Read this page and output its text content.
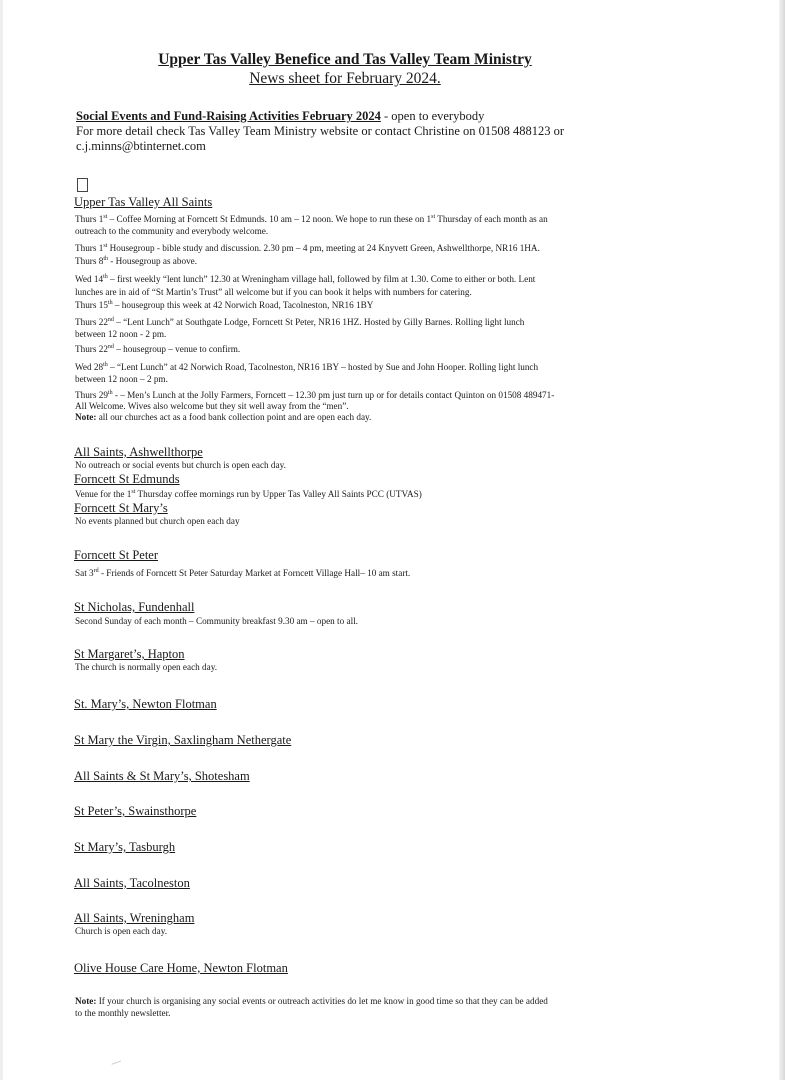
Upper Tas Valley Benefice and Tas Valley Team Ministry
News sheet for February 2024.
Social Events and Fund-Raising Activities February 2024 - open to everybody
For more detail check Tas Valley Team Ministry website or contact Christine on 01508 488123 or
c.j.minns@btinternet.com
Upper Tas Valley All Saints
Thurs 1st – Coffee Morning at Forncett St Edmunds. 10 am – 12 noon. We hope to run these on 1st Thursday of each month as an
outreach to the community and everybody welcome.
Thurs 1st Housegroup - bible study and discussion. 2.30 pm – 4 pm, meeting at 24 Knyvett Green, Ashwellthorpe, NR16 1HA.
Thurs 8th - Housegroup as above.
Wed 14th – first weekly “lent lunch” 12.30 at Wreningham village hall, followed by film at 1.30. Come to either or both. Lent
lunches are in aid of “St Martin’s Trust” all welcome but if you can book it helps with numbers for catering.
Thurs 15th – housegroup this week at 42 Norwich Road, Tacolneston, NR16 1BY
Thurs 22nd – “Lent Lunch” at Southgate Lodge, Forncett St Peter, NR16 1HZ. Hosted by Gilly Barnes. Rolling light lunch
between 12 noon - 2 pm.
Thurs 22nd – housegroup – venue to confirm.
Wed 28th – “Lent Lunch” at 42 Norwich Road, Tacolneston, NR16 1BY – hosted by Sue and John Hooper. Rolling light lunch
between 12 noon – 2 pm.
Thurs 29th - – Men’s Lunch at the Jolly Farmers, Forncett – 12.30 pm just turn up or for details contact Quinton on 01508 489471-
All Welcome. Wives also welcome but they sit well away from the “men”.
Note: all our churches act as a food bank collection point and are open each day.
All Saints, Ashwellthorpe
No outreach or social events but church is open each day.
Forncett St Edmunds
Venue for the 1st Thursday coffee mornings run by Upper Tas Valley All Saints PCC (UTVAS)
Forncett St Mary’s
No events planned but church open each day
Forncett St Peter
Sat 3rd - Friends of Forncett St Peter Saturday Market at Forncett Village Hall– 10 am start.
St Nicholas, Fundenhall
Second Sunday of each month – Community breakfast 9.30 am – open to all.
St Margaret’s, Hapton
The church is normally open each day.
St. Mary’s, Newton Flotman
St Mary the Virgin, Saxlingham Nethergate
All Saints & St Mary’s, Shotesham
St Peter’s, Swainsthorpe
St Mary’s, Tasburgh
All Saints, Tacolneston
All Saints, Wreningham
Church is open each day.
Olive House Care Home, Newton Flotman
Note: If your church is organising any social events or outreach activities do let me know in good time so that they can be added
to the monthly newsletter.
